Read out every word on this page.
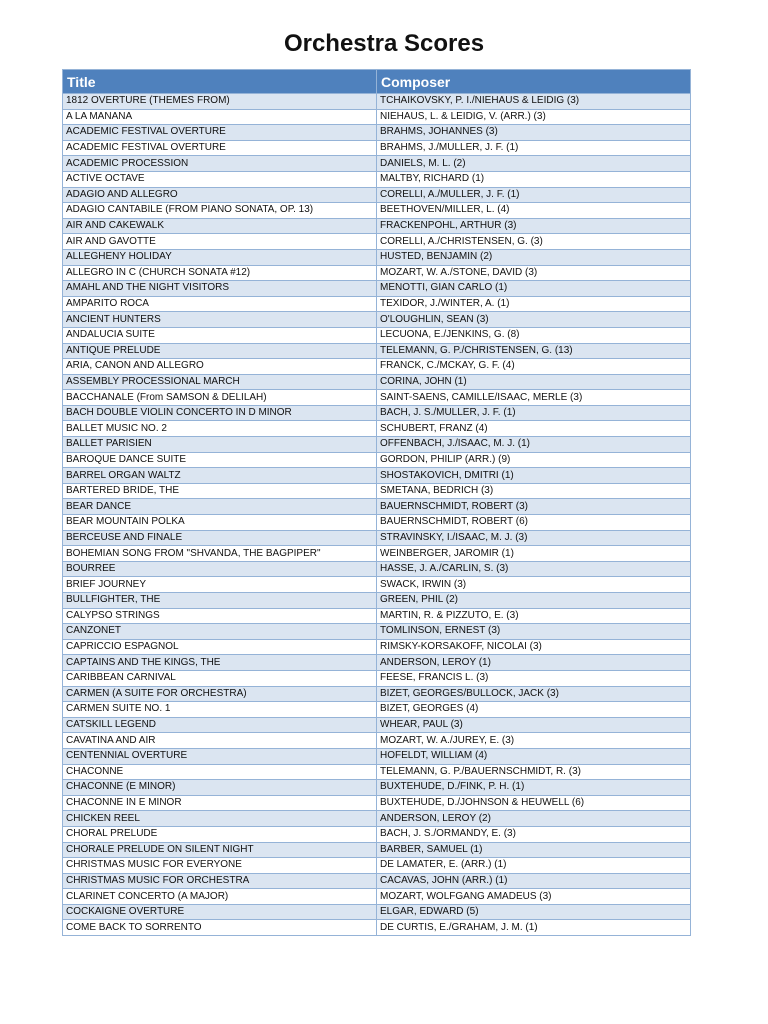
Orchestra Scores
Title	Composer
1812 OVERTURE (THEMES FROM)	TCHAIKOVSKY, P. I./NIEHAUS & LEIDIG (3)
A LA MANANA	NIEHAUS, L. & LEIDIG, V. (ARR.) (3)
ACADEMIC FESTIVAL OVERTURE	BRAHMS, JOHANNES (3)
ACADEMIC FESTIVAL OVERTURE	BRAHMS, J./MULLER, J. F. (1)
ACADEMIC PROCESSION	DANIELS, M. L. (2)
ACTIVE OCTAVE	MALTBY, RICHARD (1)
ADAGIO AND ALLEGRO	CORELLI, A./MULLER, J. F. (1)
ADAGIO CANTABILE (FROM PIANO SONATA, OP. 13)	BEETHOVEN/MILLER, L. (4)
AIR AND CAKEWALK	FRACKENPOHL, ARTHUR (3)
AIR AND GAVOTTE	CORELLI, A./CHRISTENSEN, G. (3)
ALLEGHENY HOLIDAY	HUSTED, BENJAMIN (2)
ALLEGRO IN C (CHURCH SONATA #12)	MOZART, W. A./STONE, DAVID (3)
AMAHL AND THE NIGHT VISITORS	MENOTTI, GIAN CARLO (1)
AMPARITO ROCA	TEXIDOR, J./WINTER, A. (1)
ANCIENT HUNTERS	O'LOUGHLIN, SEAN (3)
ANDALUCIA SUITE	LECUONA, E./JENKINS, G. (8)
ANTIQUE PRELUDE	TELEMANN, G. P./CHRISTENSEN, G. (13)
ARIA, CANON AND ALLEGRO	FRANCK, C./MCKAY, G. F. (4)
ASSEMBLY PROCESSIONAL MARCH	CORINA, JOHN (1)
BACCHANALE (From SAMSON & DELILAH)	SAINT-SAENS, CAMILLE/ISAAC, MERLE (3)
BACH DOUBLE VIOLIN CONCERTO IN D MINOR	BACH, J. S./MULLER, J. F. (1)
BALLET MUSIC NO. 2	SCHUBERT, FRANZ (4)
BALLET PARISIEN	OFFENBACH, J./ISAAC, M. J. (1)
BAROQUE DANCE SUITE	GORDON, PHILIP (ARR.) (9)
BARREL ORGAN WALTZ	SHOSTAKOVICH, DMITRI (1)
BARTERED BRIDE, THE	SMETANA, BEDRICH (3)
BEAR DANCE	BAUERNSCHMIDT, ROBERT (3)
BEAR MOUNTAIN POLKA	BAUERNSCHMIDT, ROBERT (6)
BERCEUSE AND FINALE	STRAVINSKY, I./ISAAC, M. J. (3)
BOHEMIAN SONG FROM "SHVANDA, THE BAGPIPER"	WEINBERGER, JAROMIR (1)
BOURREE	HASSE, J. A./CARLIN, S. (3)
BRIEF JOURNEY	SWACK, IRWIN (3)
BULLFIGHTER, THE	GREEN, PHIL (2)
CALYPSO STRINGS	MARTIN, R. & PIZZUTO, E. (3)
CANZONET	TOMLINSON, ERNEST (3)
CAPRICCIO ESPAGNOL	RIMSKY-KORSAKOFF, NICOLAI (3)
CAPTAINS AND THE KINGS, THE	ANDERSON, LEROY (1)
CARIBBEAN CARNIVAL	FEESE, FRANCIS L. (3)
CARMEN (A SUITE FOR ORCHESTRA)	BIZET, GEORGES/BULLOCK, JACK (3)
CARMEN SUITE NO. 1	BIZET, GEORGES (4)
CATSKILL LEGEND	WHEAR, PAUL (3)
CAVATINA AND AIR	MOZART, W. A./JUREY, E. (3)
CENTENNIAL OVERTURE	HOFELDT, WILLIAM (4)
CHACONNE	TELEMANN, G. P./BAUERNSCHMIDT, R. (3)
CHACONNE (E MINOR)	BUXTEHUDE, D./FINK, P. H. (1)
CHACONNE IN E MINOR	BUXTEHUDE, D./JOHNSON & HEUWELL (6)
CHICKEN REEL	ANDERSON, LEROY (2)
CHORAL PRELUDE	BACH, J. S./ORMANDY, E. (3)
CHORALE PRELUDE ON SILENT NIGHT	BARBER, SAMUEL (1)
CHRISTMAS MUSIC FOR EVERYONE	DE LAMATER, E. (ARR.) (1)
CHRISTMAS MUSIC FOR ORCHESTRA	CACAVAS, JOHN (ARR.) (1)
CLARINET CONCERTO (A MAJOR)	MOZART, WOLFGANG AMADEUS (3)
COCKAIGNE OVERTURE	ELGAR, EDWARD (5)
COME BACK TO SORRENTO	DE CURTIS, E./GRAHAM, J. M. (1)
